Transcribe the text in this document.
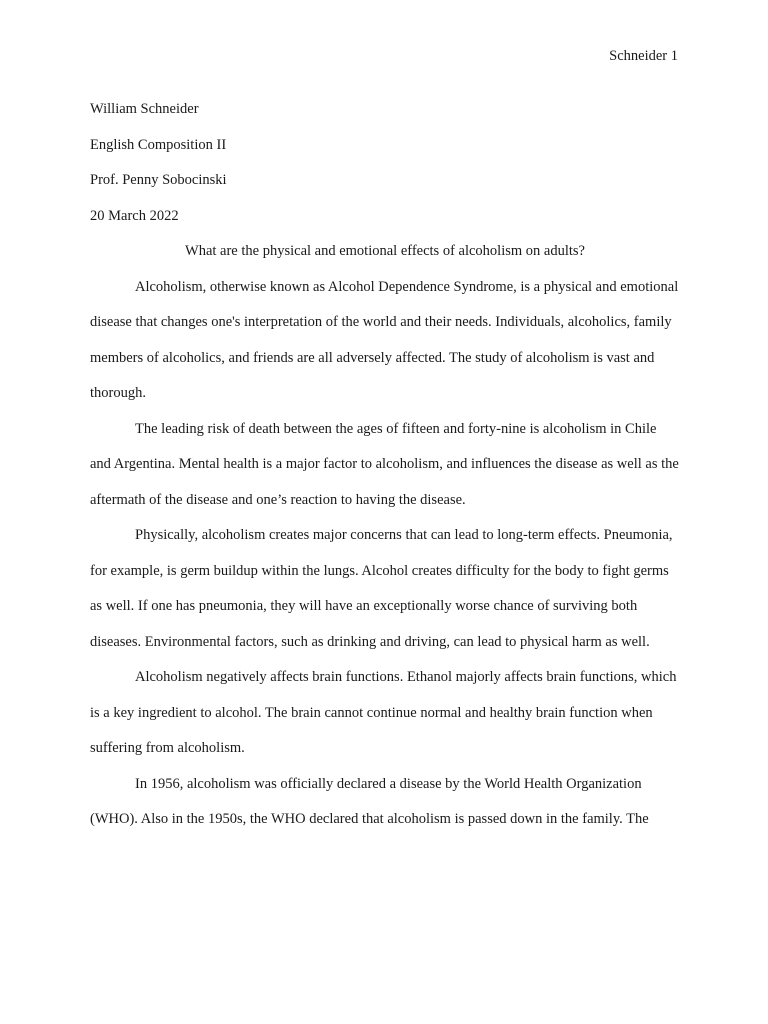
Schneider 1
William Schneider
English Composition II
Prof. Penny Sobocinski
20 March 2022
What are the physical and emotional effects of alcoholism on adults?

Alcoholism, otherwise known as Alcohol Dependence Syndrome, is a physical and emotional disease that changes one's interpretation of the world and their needs. Individuals, alcoholics, family members of alcoholics, and friends are all adversely affected. The study of alcoholism is vast and thorough.

The leading risk of death between the ages of fifteen and forty-nine is alcoholism in Chile and Argentina. Mental health is a major factor to alcoholism, and influences the disease as well as the aftermath of the disease and one’s reaction to having the disease.

Physically, alcoholism creates major concerns that can lead to long-term effects. Pneumonia, for example, is germ buildup within the lungs. Alcohol creates difficulty for the body to fight germs as well. If one has pneumonia, they will have an exceptionally worse chance of surviving both diseases. Environmental factors, such as drinking and driving, can lead to physical harm as well.

Alcoholism negatively affects brain functions. Ethanol majorly affects brain functions, which is a key ingredient to alcohol. The brain cannot continue normal and healthy brain function when suffering from alcoholism.

In 1956, alcoholism was officially declared a disease by the World Health Organization (WHO). Also in the 1950s, the WHO declared that alcoholism is passed down in the family. The
